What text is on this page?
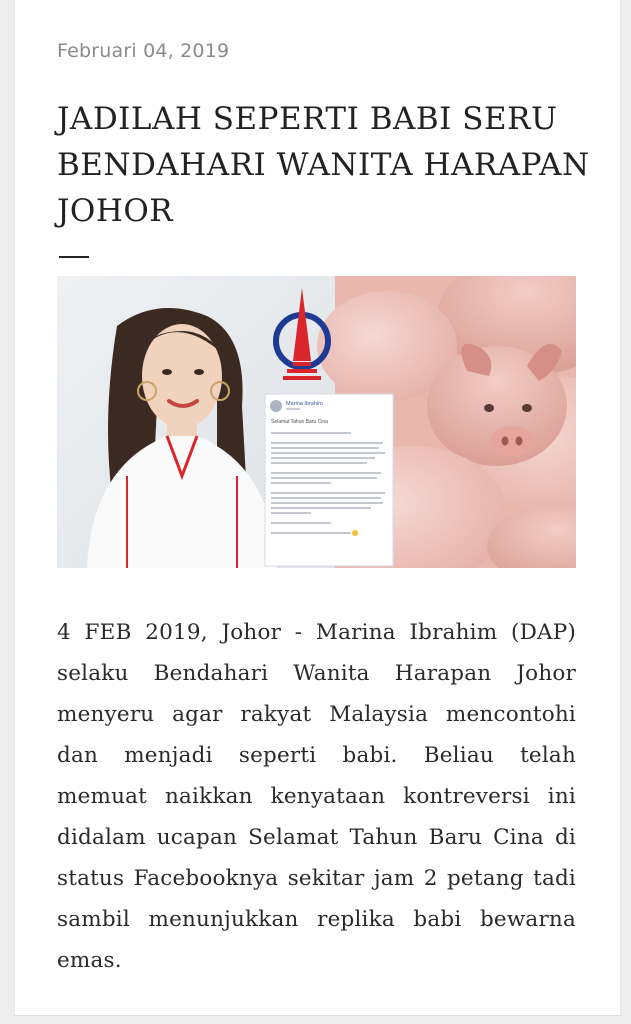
Februari 04, 2019
JADILAH SEPERTI BABI SERU BENDAHARI WANITA HARAPAN JOHOR
Marina Ibrahim
Selamat Tahun Baru Cina

4 FEB 2019, Johor - Marina Ibrahim (DAP) selaku Bendahari Wanita Harapan Johor menyeru agar rakyat Malaysia mencontohi dan menjadi seperti babi. Beliau telah memuat naikkan kenyataan kontreversi ini didalam ucapan Selamat Tahun Baru Cina di status Facebooknya sekitar jam 2 petang tadi sambil menunjukkan replika babi bewarna emas.
